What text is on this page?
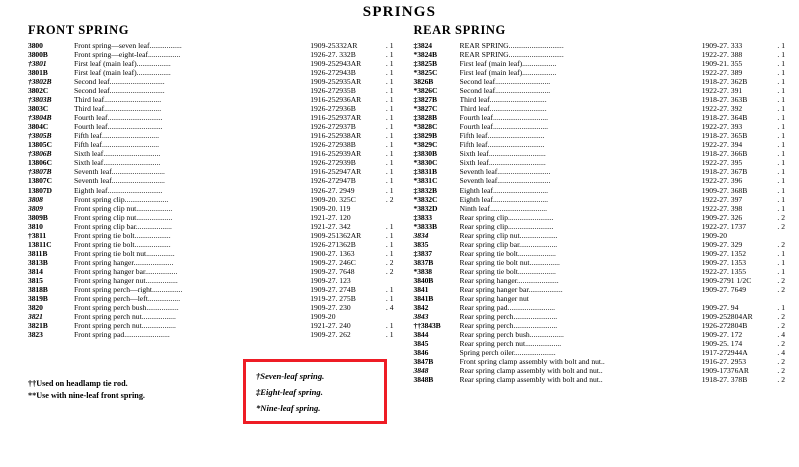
SPRINGS
FRONT SPRING
3800	Front spring—seven leaf.................	1909-25	332AR	. 1
3800B	Front spring—eight-leaf.................	1926-27	. 332B	. 1
†3801	First leaf (main leaf)..................	1909-25	2943AR	. 1
3801B	First leaf (main leaf)..................	1926-27	2943B	. 1
†3802B	Second leaf.............................	1909-25	2935AR	. 1
3802C	Second leaf.............................	1926-27	2935B	. 1
†3803B	Third leaf..............................	1916-25	2936AR	. 1
3803C	Third leaf..............................	1926-27	2936B	. 1
†3804B	Fourth leaf.............................	1916-25	2937AR	. 1
3804C	Fourth leaf.............................	1926-27	2937B	. 1
†3805B	Fifth leaf..............................	1916-25	2938AR	. 1
13805C	Fifth leaf..............................	1926-27	2938B	. 1
†3806B	Sixth leaf..............................	1916-25	2939AR	. 1
13806C	Sixth leaf..............................	1926-27	2939B	. 1
†3807B	Seventh leaf............................	1916-25	2947AR	. 1
13807C	Seventh leaf............................	1926-27	2947B	. 1
13807D	Eighth leaf.............................	1926-27	. 2949	. 1
3808	Front spring clip.......................	1909-20	. 325C	. 2
3809	Front spring clip nut...................	1909-20	. 119	
3809B	Front spring clip nut...................	1921-27	. 120	
3810	Front spring clip bar...................	1921-27	. 342	. 1
†3811	Front spring tie bolt...................	1909-25	1362AR	. 1
13811C	Front spring tie bolt...................	1926-27	1362B	. 1
3811B	Front spring tie bolt nut...............	1900-27	. 1363	. 1
3813B	Front spring hanger.....................	1909-27	. 246C	. 2
3814	Front spring hanger bar.................	1909-27	. 7648	. 2
3815	Front spring hanger nut.................	1909-27	. 123	
3818B	Front spring perch—right................	1909-27	. 274B	. 1
3819B	Front spring perch—left.................	1919-27	. 275B	. 1
3820	Front spring perch bush.................	1909-27	. 230	. 4
3821	Front spring perch nut..................	1909-20		
3821B	Front spring perch nut..................	1921-27	. 240	. 1
3823	Front spring pad........................	1909-27	. 262	. 1
REAR SPRING
‡3824	REAR SPRING.............................	1909-27	. 333	. 1
*3824B	REAR SPRING.............................	1922-27	. 388	. 1
‡3825B	First leaf (main leaf)..................	1909-21	. 355	. 1
*3825C	First leaf (main leaf)..................	1922-27	. 389	. 1
3826B	Second leaf.............................	1918-27	. 362B	. 1
*3826C	Second leaf.............................	1922-27	. 391	. 1
‡3827B	Third leaf..............................	1918-27	. 363B	. 1
*3827C	Third leaf..............................	1922-27	. 392	. 1
‡3828B	Fourth leaf.............................	1918-27	. 364B	. 1
*3828C	Fourth leaf.............................	1922-27	. 393	. 1
‡3829B	Fifth leaf..............................	1918-27	. 365B	. 1
*3829C	Fifth leaf..............................	1922-27	. 394	. 1
‡3830B	Sixth leaf..............................	1918-27	. 366B	. 1
*3830C	Sixth leaf..............................	1922-27	. 395	. 1
‡3831B	Seventh leaf............................	1918-27	. 367B	. 1
*3831C	Seventh leaf............................	1922-27	. 396	. 1
‡3832B	Eighth leaf.............................	1909-27	. 368B	. 1
*3832C	Eighth leaf.............................	1922-27	. 397	. 1
*3832D	Ninth leaf..............................	1922-27	. 398	. 1
‡3833	Rear spring clip........................	1909-27	. 326	. 2
*3833B	Rear spring clip........................	1922-27	. 1737	. 2
3834	Rear spring clip nut....................	1909-20		
3835	Rear spring clip bar....................	1909-27	. 329	. 2
‡3837	Rear spring tie bolt....................	1909-27	. 1352	. 1
3837B	Rear spring tie bolt nut................	1909-27	. 1353	. 1
*3838	Rear spring tie bolt....................	1922-27	. 1355	. 1
3840B	Rear spring hanger......................	1909-27	91 1/2C	. 2
3841	Rear spring hanger bar..................	1909-27	. 7649	. 2
3841B	Rear spring hanger nut			
3842	Rear spring pad.........................	1909-27	. 94	. 1
3843	Rear spring perch.......................	1909-25	2804AR	. 2
††3843B	Rear spring perch.......................	1926-27	2804B	. 2
3844	Rear spring perch bush..................	1909-27	. 172	. 4
3845	Rear spring perch nut...................	1909-25	. 174	. 2
3846	Spring perch oiler......................	1917-27	2944A	. 4
3847B	Front spring clamp assembly with bolt and nut..	1916-27	. 2953	. 2
3848	Rear spring clamp assembly with bolt and nut..	1909-17	376AR	. 2
3848B	Rear spring clamp assembly with bolt and nut..	1918-27	. 378B	. 2
††Used on headlamp tie rod.
**Use with nine-leaf front spring.
†Seven-leaf spring.
‡Eight-leaf spring.
*Nine-leaf spring.
